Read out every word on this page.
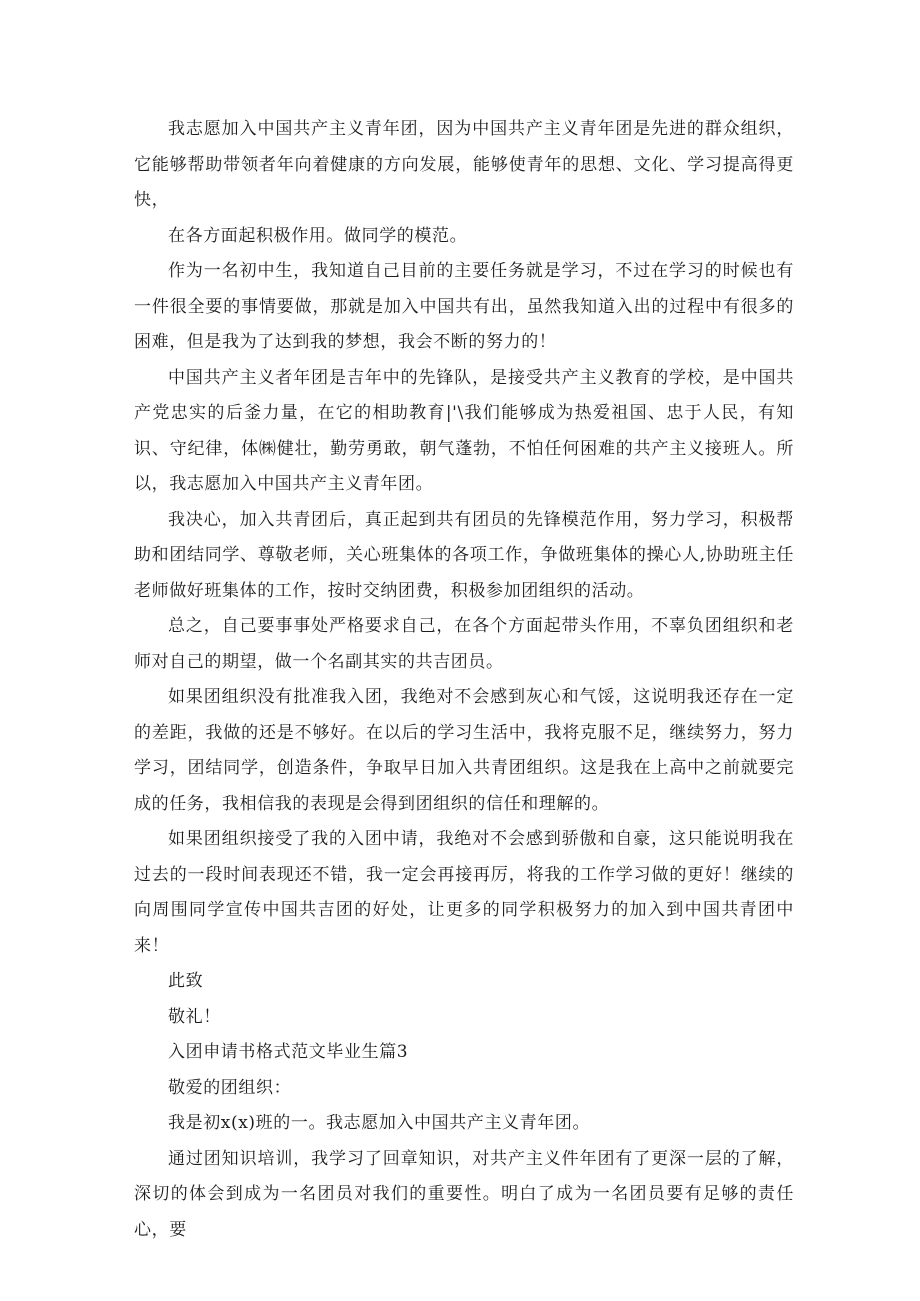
我志愿加入中国共产主义青年团，因为中国共产主义青年团是先进的群众组织，它能够帮助带领者年向着健康的方向发展，能够使青年的思想、文化、学习提高得更快，

在各方面起积极作用。做同学的模范。

作为一名初中生，我知道自己目前的主要任务就是学习，不过在学习的时候也有一件很全要的事情要做，那就是加入中国共有出，虽然我知道入出的过程中有很多的困难，但是我为了达到我的梦想，我会不断的努力的！

中国共产主义者年团是吉年中的先锋队，是接受共产主义教育的学校，是中国共产党忠实的后釜力量，在它的相助教育|'\我们能够成为热爱祖国、忠于人民，有知识、守纪律，体㈱健壮，勤劳勇敢，朝气蓬勃，不怕任何困难的共产主义接班人。所以，我志愿加入中国共产主义青年团。

我决心，加入共青团后，真正起到共有团员的先锋模范作用，努力学习，积极帮助和团结同学、尊敬老师，关心班集体的各项工作，争做班集体的操心人,协助班主任老师做好班集体的工作，按时交纳团费，积极参加团组织的活动。

总之，自己要事事处严格要求自己，在各个方面起带头作用，不辜负团组织和老师对自己的期望，做一个名副其实的共吉团员。

如果团组织没有批准我入团，我绝对不会感到灰心和气馁，这说明我还存在一定的差距，我做的还是不够好。在以后的学习生活中，我将克服不足，继续努力，努力学习，团结同学，创造条件，争取早日加入共青团组织。这是我在上高中之前就要完成的任务，我相信我的表现是会得到团组织的信任和理解的。

如果团组织接受了我的入团中请，我绝对不会感到骄傲和自豪，这只能说明我在过去的一段时间表现还不错，我一定会再接再厉，将我的工作学习做的更好！继续的向周围同学宣传中国共吉团的好处，让更多的同学积极努力的加入到中国共青团中来！

此致

敬礼！

入团申请书格式范文毕业生篇3

敬爱的团组织：

我是初x(x)班的一。我志愿加入中国共产主义青年团。

通过团知识培训，我学习了回章知识，对共产主义件年团有了更深一层的了解，深切的体会到成为一名团员对我们的重要性。明白了成为一名团员要有足够的责任心，要
